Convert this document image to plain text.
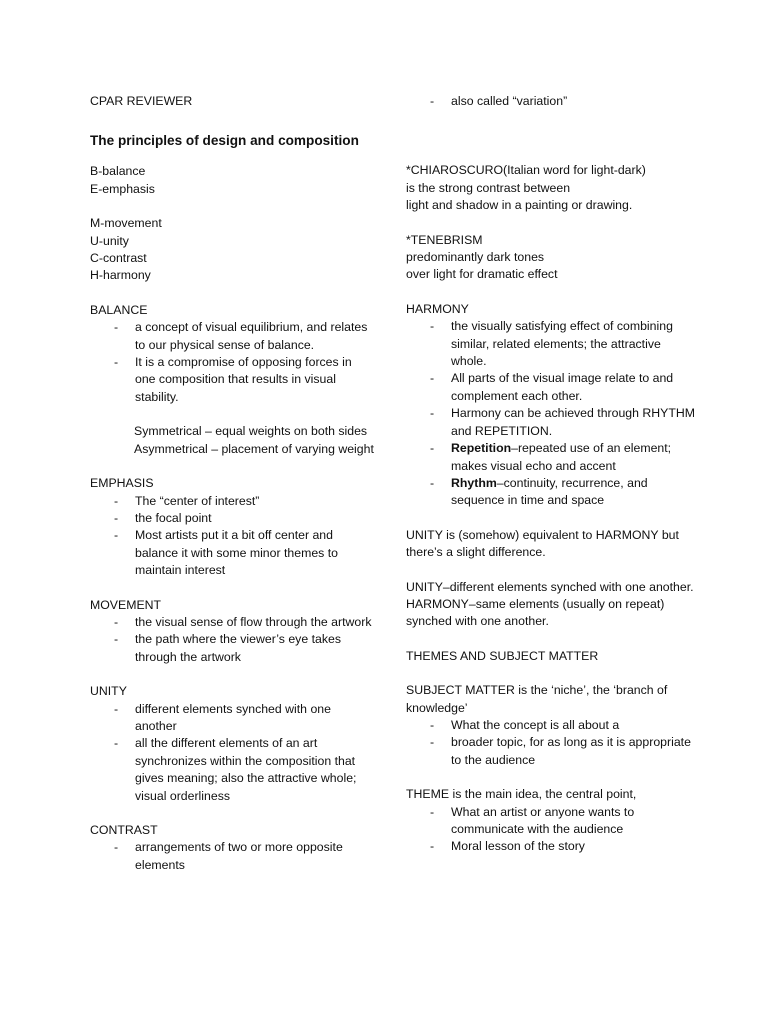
CPAR REVIEWER

The principles of design and composition

B-balance

E-emphasis

M-movement

U-unity

C-contrast

H-harmony

BALANCE

- a concept of visual equilibrium, and relates to our physical sense of balance.
- It is a compromise of opposing forces in one composition that results in visual stability.

Symmetrical – equal weights on both sides

Asymmetrical – placement of varying weight

EMPHASIS

- The “center of interest”
- the focal point
- Most artists put it a bit off center and balance it with some minor themes to maintain interest

MOVEMENT

- the visual sense of flow through the artwork
- the path where the viewer’s eye takes through the artwork

UNITY

- different elements synched with one another
- all the different elements of an art synchronizes within the composition that gives meaning; also the attractive whole; visual orderliness

CONTRAST

- arrangements of two or more opposite elements
- also called “variation”

*CHIAROSCURO(Italian word for light-dark)

is the strong contrast between

light and shadow in a painting or drawing.

*TENEBRISM

predominantly dark tones

over light for dramatic effect

HARMONY

- the visually satisfying effect of combining similar, related elements; the attractive whole.
- All parts of the visual image relate to and complement each other.
- Harmony can be achieved through RHYTHM and REPETITION.
- Repetition–repeated use of an element; makes visual echo and accent
- Rhythm–continuity, recurrence, and sequence in time and space

UNITY is (somehow) equivalent to HARMONY but there’s a slight difference.

UNITY–different elements synched with one another.

HARMONY–same elements (usually on repeat) synched with one another.

THEMES AND SUBJECT MATTER

SUBJECT MATTER is the ‘niche’, the ‘branch of knowledge’

- What the concept is all about a
- broader topic, for as long as it is appropriate to the audience

THEME is the main idea, the central point,

- What an artist or anyone wants to communicate with the audience
- Moral lesson of the story
